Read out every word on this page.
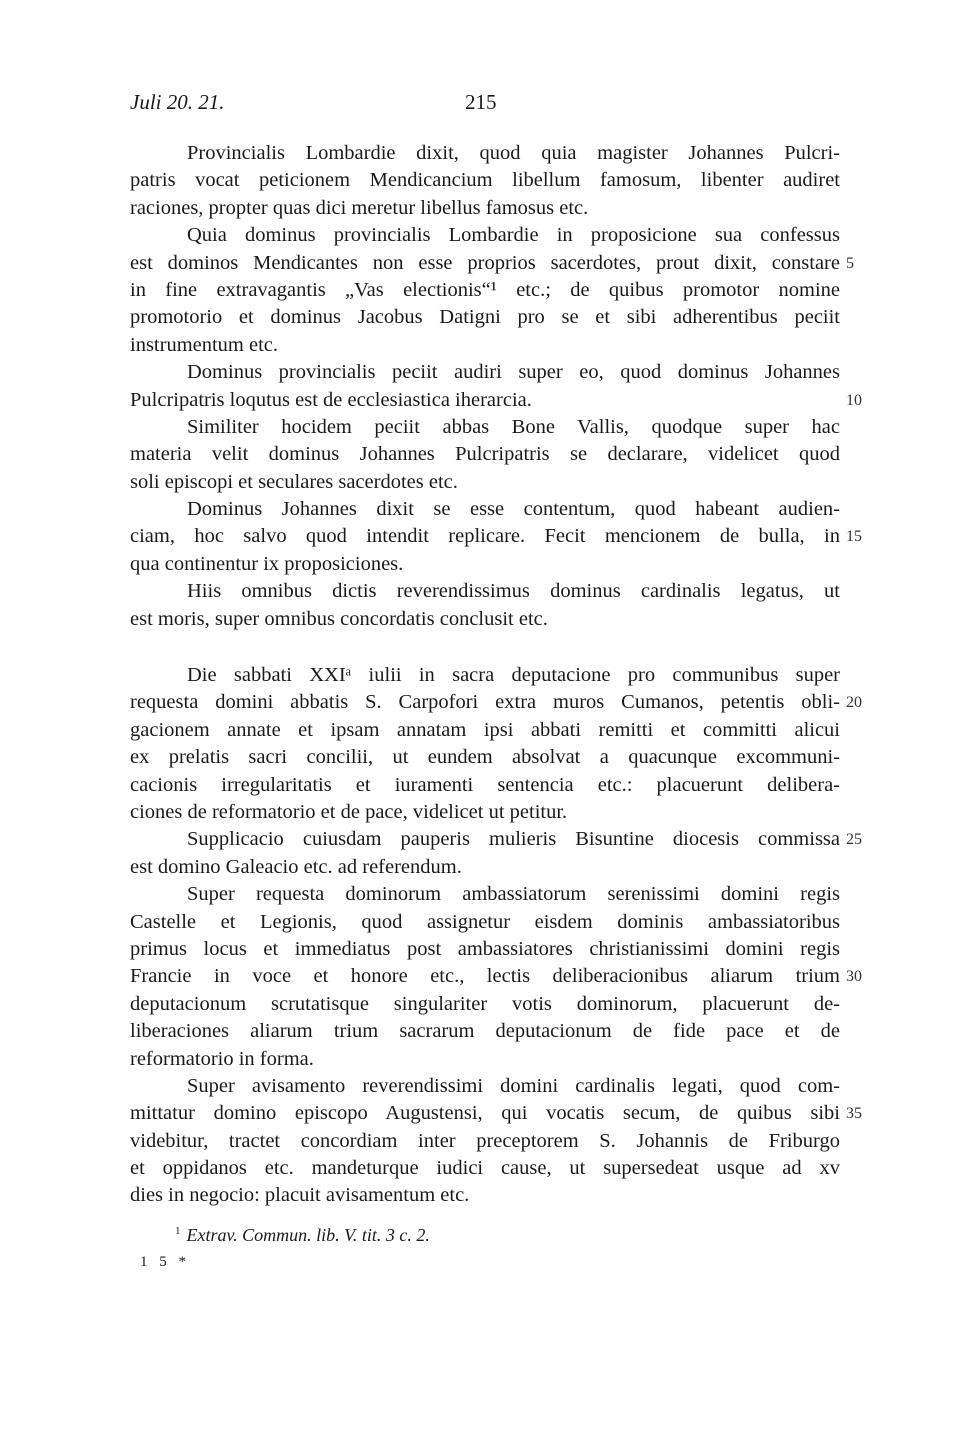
Juli 20. 21.	215
Provincialis Lombardie dixit, quod quia magister Johannes Pulcri-
patris vocat peticionem Mendicancium libellum famosum, libenter audiret
raciones, propter quas dici meretur libellus famosus etc.
Quia dominus provincialis Lombardie in proposicione sua confessus
est dominos Mendicantes non esse proprios sacerdotes, prout dixit, constare 5
in fine extravagantis „Vas electionis“¹ etc.; de quibus promotor nomine
promotorio et dominus Jacobus Datigni pro se et sibi adherentibus peciit
instrumentum etc.
Dominus provincialis peciit audiri super eo, quod dominus Johannes
Pulcripatris loqutus est de ecclesiastica iherarcia.	10
Similiter hocidem peciit abbas Bone Vallis, quodque super hac
materia velit dominus Johannes Pulcripatris se declarare, videlicet quod
soli episcopi et seculares sacerdotes etc.
Dominus Johannes dixit se esse contentum, quod habeant audien-
ciam, hoc salvo quod intendit replicare. Fecit mencionem de bulla, in 15
qua continentur ix proposiciones.
Hiis omnibus dictis reverendissimus dominus cardinalis legatus, ut
est moris, super omnibus concordatis conclusit etc.
Die sabbati XXIᵃ iulii in sacra deputacione pro communibus super
requesta domini abbatis S. Carpofori extra muros Cumanos, petentis obli- 20
gacionem annate et ipsam annatam ipsi abbati remitti et committi alicui
ex prelatis sacri concilii, ut eundem absolvat a quacunque excommuni-
cacionis irregularitatis et iuramenti sentencia etc.: placuerunt delibera-
ciones de reformatorio et de pace, videlicet ut petitur.
Supplicacio cuiusdam pauperis mulieris Bisuntine diocesis commissa 25
est domino Galeacio etc. ad referendum.
Super requesta dominorum ambassiatorum serenissimi domini regis
Castelle et Legionis, quod assignetur eisdem dominis ambassiatoribus
primus locus et immediatus post ambassiatores christianissimi domini regis
Francie in voce et honore etc., lectis deliberacionibus aliarum trium 30
deputacionum scrutatisque singulariter votis dominorum, placuerunt de-
liberaciones aliarum trium sacrarum deputacionum de fide pace et de
reformatorio in forma.
Super avisamento reverendissimi domini cardinalis legati, quod com-
mittatur domino episcopo Augustensi, qui vocatis secum, de quibus sibi 35
videbitur, tractet concordiam inter preceptorem S. Johannis de Friburgo
et oppidanos etc. mandeturque iudici cause, ut supersedeat usque ad xv
dies in negocio: placuit avisamentum etc.
$^1$ Extrav. Commun. lib. V. tit. 3 c. 2.
1 5 *
